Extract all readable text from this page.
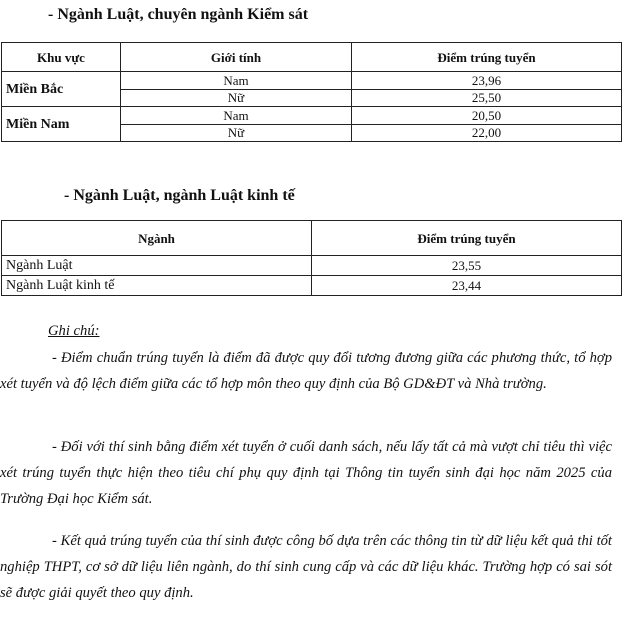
- Ngành Luật, chuyên ngành Kiểm sát
Khu vực	Giới tính	Điểm trúng tuyển
Miền Bắc	Nam	23,96
	Nữ	25,50
Miền Nam	Nam	20,50
	Nữ	22,00
- Ngành Luật, ngành Luật kinh tế
Ngành	Điểm trúng tuyển
Ngành Luật	23,55
Ngành Luật kinh tế	23,44
Ghi chú:
- Điểm chuẩn trúng tuyển là điểm đã được quy đổi tương đương giữa các phương thức, tổ hợp xét tuyển và độ lệch điểm giữa các tổ hợp môn theo quy định của Bộ GD&ĐT và Nhà trường.
- Đối với thí sinh bằng điểm xét tuyển ở cuối danh sách, nếu lấy tất cả mà vượt chỉ tiêu thì việc xét trúng tuyển thực hiện theo tiêu chí phụ quy định tại Thông tin tuyển sinh đại học năm 2025 của Trường Đại học Kiểm sát.
- Kết quả trúng tuyển của thí sinh được công bố dựa trên các thông tin từ dữ liệu kết quả thi tốt nghiệp THPT, cơ sở dữ liệu liên ngành, do thí sinh cung cấp và các dữ liệu khác. Trường hợp có sai sót sẽ được giải quyết theo quy định.
